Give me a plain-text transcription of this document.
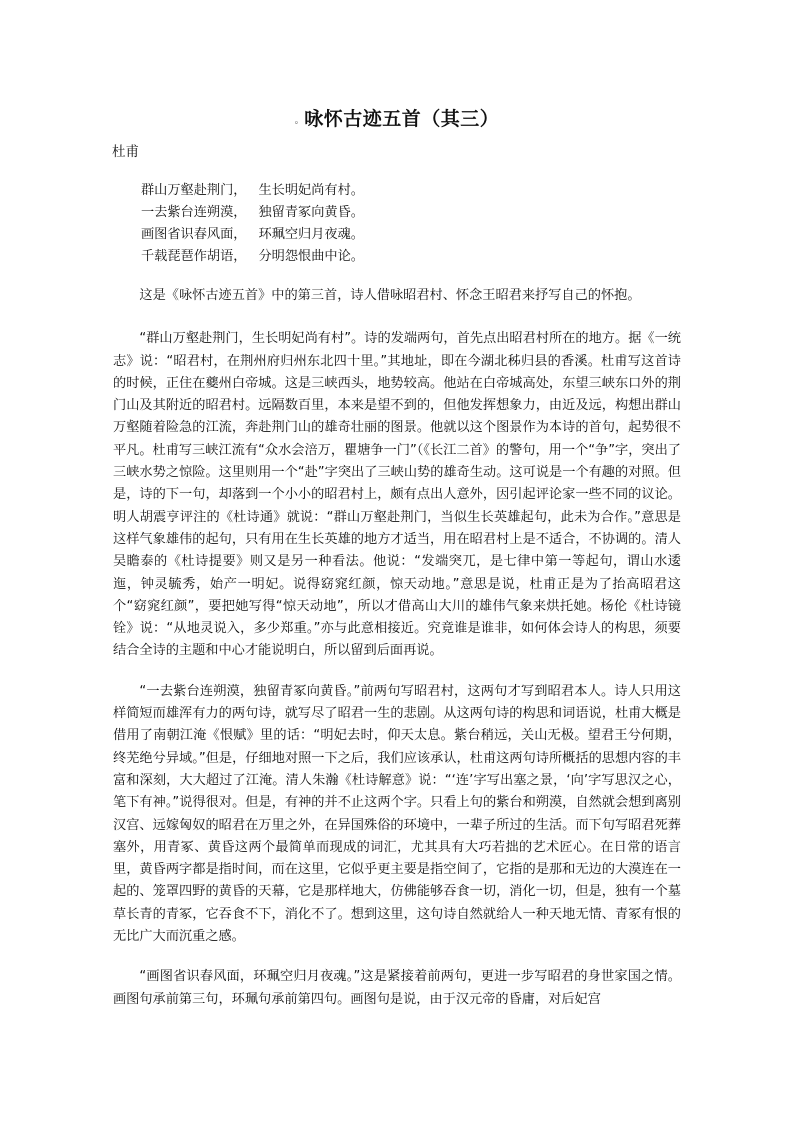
。咏怀古迹五首（其三）
杜甫
群山万壑赴荆门， 生长明妃尚有村。
一去紫台连朔漠， 独留青冢向黄昏。
画图省识春风面， 环珮空归月夜魂。
千载琵琶作胡语， 分明怨恨曲中论。

这是《咏怀古迹五首》中的第三首，诗人借咏昭君村、怀念王昭君来抒写自己的怀抱。

“群山万壑赴荆门，生长明妃尚有村”。诗的发端两句，首先点出昭君村所在的地方。据《一统志》说：“昭君村，在荆州府归州东北四十里。”其地址，即在今湖北秭归县的香溪。杜甫写这首诗的时候，正住在夔州白帝城。这是三峡西头，地势较高。他站在白帝城高处，东望三峡东口外的荆门山及其附近的昭君村。远隔数百里，本来是望不到的，但他发挥想象力，由近及远，构想出群山万壑随着险急的江流，奔赴荆门山的雄奇壮丽的图景。他就以这个图景作为本诗的首句，起势很不平凡。杜甫写三峡江流有“众水会涪万，瞿塘争一门”（《长江二首》的警句，用一个“争”字，突出了三峡水势之惊险。这里则用一个“赴”字突出了三峡山势的雄奇生动。这可说是一个有趣的对照。但是，诗的下一句，却落到一个小小的昭君村上，颇有点出人意外，因引起评论家一些不同的议论。明人胡震亨评注的《杜诗通》就说：“群山万壑赴荆门，当似生长英雄起句，此未为合作。”意思是这样气象雄伟的起句，只有用在生长英雄的地方才适当，用在昭君村上是不适合，不协调的。清人吴瞻泰的《杜诗提要》则又是另一种看法。他说：“发端突兀，是七律中第一等起句，谓山水逶迤，钟灵毓秀，始产一明妃。说得窈窕红颜，惊天动地。”意思是说，杜甫正是为了抬高昭君这个“窈窕红颜”，要把她写得“惊天动地”，所以才借高山大川的雄伟气象来烘托她。杨伦《杜诗镜铨》说：“从地灵说入，多少郑重。”亦与此意相接近。究竟谁是谁非，如何体会诗人的构思，须要结合全诗的主题和中心才能说明白，所以留到后面再说。

“一去紫台连朔漠，独留青冢向黄昏。”前两句写昭君村，这两句才写到昭君本人。诗人只用这样简短而雄浑有力的两句诗，就写尽了昭君一生的悲剧。从这两句诗的构思和词语说，杜甫大概是借用了南朝江淹《恨赋》里的话：“明妃去时，仰天太息。紫台稍远，关山无极。望君王兮何期，终芜绝兮异域。”但是，仔细地对照一下之后，我们应该承认，杜甫这两句诗所概括的思想内容的丰富和深刻，大大超过了江淹。清人朱瀚《杜诗解意》说：“‘连’字写出塞之景，‘向’字写思汉之心，笔下有神。”说得很对。但是，有神的并不止这两个字。只看上句的紫台和朔漠，自然就会想到离别汉宫、远嫁匈奴的昭君在万里之外，在异国殊俗的环境中，一辈子所过的生活。而下句写昭君死葬塞外，用青冢、黄昏这两个最简单而现成的词汇，尤其具有大巧若拙的艺术匠心。在日常的语言里，黄昏两字都是指时间，而在这里，它似乎更主要是指空间了，它指的是那和无边的大漠连在一起的、笼罩四野的黄昏的天幕，它是那样地大，仿佛能够吞食一切，消化一切，但是，独有一个墓草长青的青冢，它吞食不下，消化不了。想到这里，这句诗自然就给人一种天地无情、青冢有恨的无比广大而沉重之感。

“画图省识春风面，环珮空归月夜魂。”这是紧接着前两句，更进一步写昭君的身世家国之情。画图句承前第三句，环珮句承前第四句。画图句是说，由于汉元帝的昏庸，对后妃宫
